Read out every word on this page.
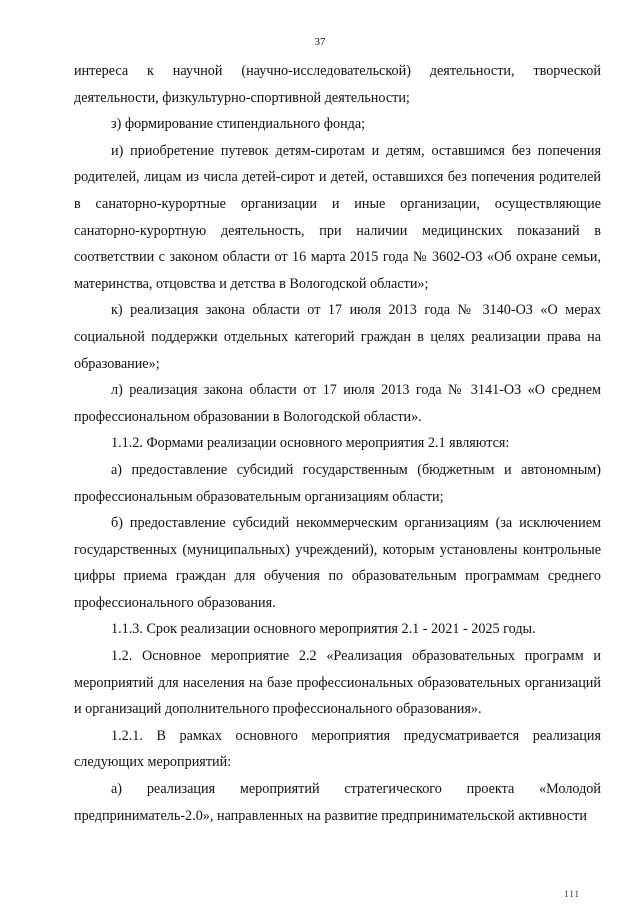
37

интереса к научной (научно-исследовательской) деятельности, творческой деятельности, физкультурно-спортивной деятельности;

з) формирование стипендиального фонда;

и) приобретение путевок детям-сиротам и детям, оставшимся без попечения родителей, лицам из числа детей-сирот и детей, оставшихся без попечения родителей в санаторно-курортные организации и иные организации, осуществляющие санаторно-курортную деятельность, при наличии медицинских показаний в соответствии с законом области от 16 марта 2015 года № 3602-ОЗ «Об охране семьи, материнства, отцовства и детства в Вологодской области»;

к) реализация закона области от 17 июля 2013 года № 3140-ОЗ «О мерах социальной поддержки отдельных категорий граждан в целях реализации права на образование»;

л) реализация закона области от 17 июля 2013 года № 3141-ОЗ «О среднем профессиональном образовании в Вологодской области».

1.1.2. Формами реализации основного мероприятия 2.1 являются:

а) предоставление субсидий государственным (бюджетным и автономным) профессиональным образовательным организациям области;

б) предоставление субсидий некоммерческим организациям (за исключением государственных (муниципальных) учреждений), которым установлены контрольные цифры приема граждан для обучения по образовательным программам среднего профессионального образования.

1.1.3. Срок реализации основного мероприятия 2.1 - 2021 - 2025 годы.

1.2. Основное мероприятие 2.2 «Реализация образовательных программ и мероприятий для населения на базе профессиональных образовательных организаций и организаций дополнительного профессионального образования».

1.2.1. В рамках основного мероприятия предусматривается реализация следующих мероприятий:

а) реализация мероприятий стратегического проекта «Молодой предприниматель-2.0», направленных на развитие предпринимательской активности

111
